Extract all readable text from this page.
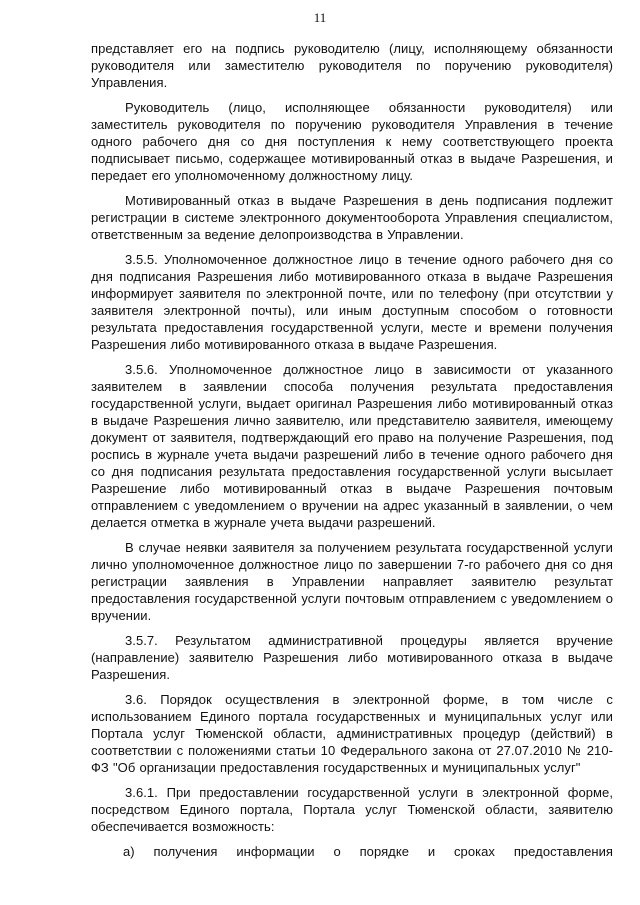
11

представляет его на подпись руководителю (лицу, исполняющему обязанности руководителя или заместителю руководителя по поручению руководителя) Управления.

Руководитель (лицо, исполняющее обязанности руководителя) или заместитель руководителя по поручению руководителя Управления в течение одного рабочего дня со дня поступления к нему соответствующего проекта подписывает письмо, содержащее мотивированный отказ в выдаче Разрешения, и передает его уполномоченному должностному лицу.

Мотивированный отказ в выдаче Разрешения в день подписания подлежит регистрации в системе электронного документооборота Управления специалистом, ответственным за ведение делопроизводства в Управлении.

3.5.5. Уполномоченное должностное лицо в течение одного рабочего дня со дня подписания Разрешения либо мотивированного отказа в выдаче Разрешения информирует заявителя по электронной почте, или по телефону (при отсутствии у заявителя электронной почты), или иным доступным способом о готовности результата предоставления государственной услуги, месте и времени получения Разрешения либо мотивированного отказа в выдаче Разрешения.

3.5.6. Уполномоченное должностное лицо в зависимости от указанного заявителем в заявлении способа получения результата предоставления государственной услуги, выдает оригинал Разрешения либо мотивированный отказ в выдаче Разрешения лично заявителю, или представителю заявителя, имеющему документ от заявителя, подтверждающий его право на получение Разрешения, под роспись в журнале учета выдачи разрешений либо в течение одного рабочего дня со дня подписания результата предоставления государственной услуги высылает Разрешение либо мотивированный отказ в выдаче Разрешения почтовым отправлением с уведомлением о вручении на адрес указанный в заявлении, о чем делается отметка в журнале учета выдачи разрешений.

В случае неявки заявителя за получением результата государственной услуги лично уполномоченное должностное лицо по завершении 7-го рабочего дня со дня регистрации заявления в Управлении направляет заявителю результат предоставления государственной услуги почтовым отправлением с уведомлением о вручении.

3.5.7. Результатом административной процедуры является вручение (направление) заявителю Разрешения либо мотивированного отказа в выдаче Разрешения.

3.6. Порядок осуществления в электронной форме, в том числе с использованием Единого портала государственных и муниципальных услуг или Портала услуг Тюменской области, административных процедур (действий) в соответствии с положениями статьи 10 Федерального закона от 27.07.2010 № 210-ФЗ "Об организации предоставления государственных и муниципальных услуг"

3.6.1. При предоставлении государственной услуги в электронной форме, посредством Единого портала, Портала услуг Тюменской области, заявителю обеспечивается возможность:

а) получения информации о порядке и сроках предоставления
